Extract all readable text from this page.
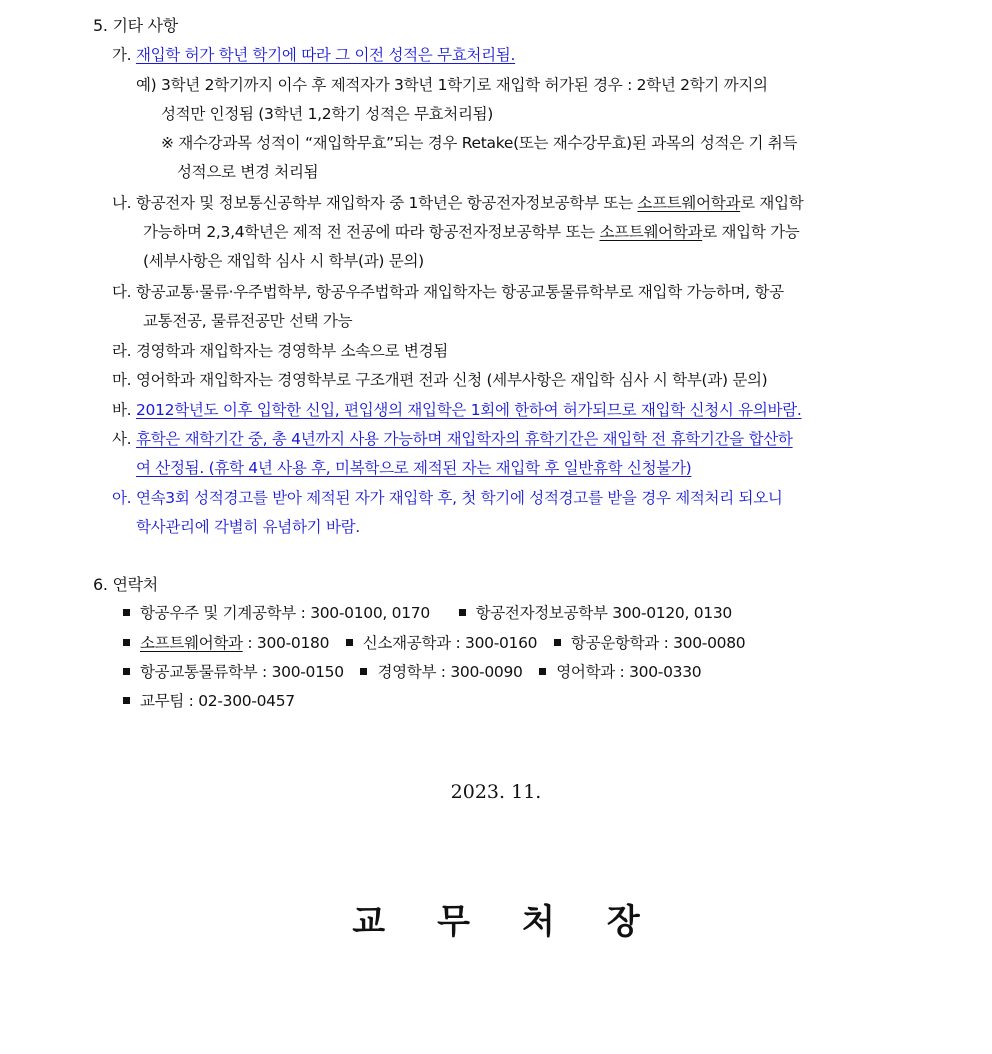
5. 기타 사항
가. 재입학 허가 학년 학기에 따라 그 이전 성적은 무효처리됨.
예) 3학년 2학기까지 이수 후 제적자가 3학년 1학기로 재입학 허가된 경우 : 2학년 2학기 까지의
성적만 인정됨 (3학년 1,2학기 성적은 무효처리됨)
※ 재수강과목 성적이 “재입학무효”되는 경우 Retake(또는 재수강무효)된 과목의 성적은 기 취득
성적으로 변경 처리됨
나. 항공전자 및 정보통신공학부 재입학자 중 1학년은 항공전자정보공학부 또는 소프트웨어학과로 재입학
가능하며 2,3,4학년은 제적 전 전공에 따라 항공전자정보공학부 또는 소프트웨어학과로 재입학 가능
(세부사항은 재입학 심사 시 학부(과) 문의)
다. 항공교통·물류·우주법학부, 항공우주법학과 재입학자는 항공교통물류학부로 재입학 가능하며, 항공
교통전공, 물류전공만 선택 가능
라. 경영학과 재입학자는 경영학부 소속으로 변경됨
마. 영어학과 재입학자는 경영학부로 구조개편 전과 신청 (세부사항은 재입학 심사 시 학부(과) 문의)
바. 2012학년도 이후 입학한 신입, 편입생의 재입학은 1회에 한하여 허가되므로 재입학 신청시 유의바람.
사. 휴학은 재학기간 중, 총 4년까지 사용 가능하며 재입학자의 휴학기간은 재입학 전 휴학기간을 합산하
여 산정됨. (휴학 4년 사용 후, 미복학으로 제적된 자는 재입학 후 일반휴학 신청불가)
아. 연속3회 성적경고를 받아 제적된 자가 재입학 후, 첫 학기에 성적경고를 받을 경우 제적처리 되오니
학사관리에 각별히 유념하기 바람.
6. 연락처
항공우주 및 기계공학부 : 300-0100, 0170	항공전자정보공학부 300-0120, 0130
소프트웨어학과 : 300-0180 신소재공학과 : 300-0160 항공운항학과 : 300-0080
항공교통물류학부 : 300-0150 경영학부 : 300-0090 영어학과 : 300-0330
교무팀 : 02-300-0457
2023. 11.
교 무 처 장
